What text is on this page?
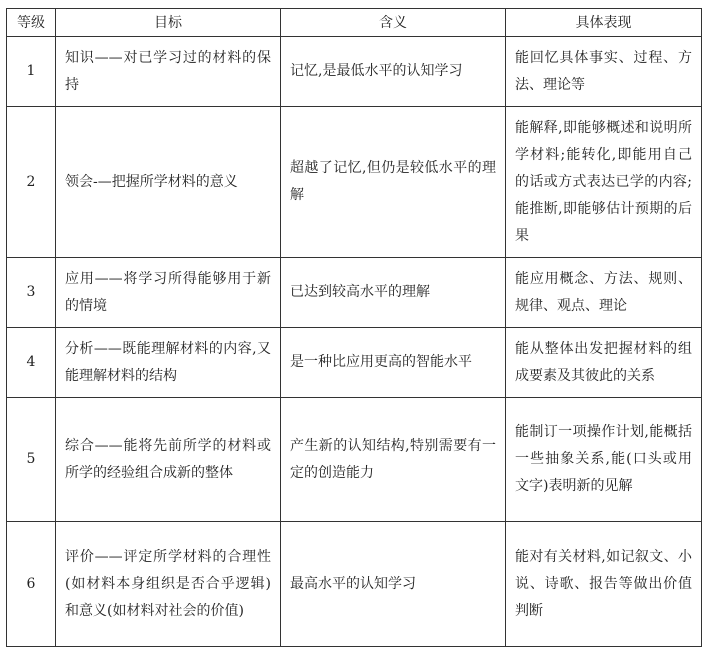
等级	目标	含义	具体表现
1	知识——对已学习过的材料的保持	记忆,是最低水平的认知学习	能回忆具体事实、过程、方法、理论等
2	领会-—把握所学材料的意义	超越了记忆,但仍是较低水平的理解	能解释,即能够概述和说明所学材料;能转化,即能用自己的话或方式表达已学的内容;能推断,即能够估计预期的后果
3	应用——将学习所得能够用于新的情境	已达到较高水平的理解	能应用概念、方法、规则、规律、观点、理论
4	分析——既能理解材料的内容,又能理解材料的结构	是一种比应用更高的智能水平	能从整体出发把握材料的组成要素及其彼此的关系
5	综合——能将先前所学的材料或所学的经验组合成新的整体	产生新的认知结构,特别需要有一定的创造能力	能制订一项操作计划,能概括一些抽象关系,能(口头或用文字)表明新的见解
6	评价——评定所学材料的合理性(如材料本身组织是否合乎逻辑)和意义(如材料对社会的价值)	最高水平的认知学习	能对有关材料,如记叙文、小说、诗歌、报告等做出价值判断
